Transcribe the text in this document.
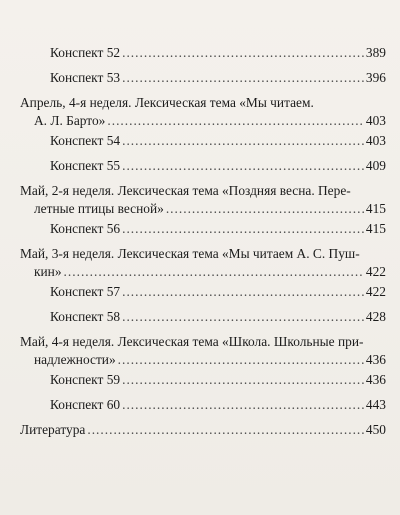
Конспект 52 .....	389
Конспект 53 .....	396
Апрель, 4-я неделя. Лексическая тема «Мы читаем.
А. Л. Барто» .....	403
Конспект 54 .....	403
Конспект 55 .....	409
Май, 2-я неделя. Лексическая тема «Поздняя весна. Пере-
летные птицы весной» .....	415
Конспект 56 .....	415
Май, 3-я неделя. Лексическая тема «Мы читаем А. С. Пуш-
кин» .....	422
Конспект 57 .....	422
Конспект 58 .....	428
Май, 4-я неделя. Лексическая тема «Школа. Школьные при-
надлежности» .....	436
Конспект 59 .....	436
Конспект 60 .....	443
Литература .....	450
